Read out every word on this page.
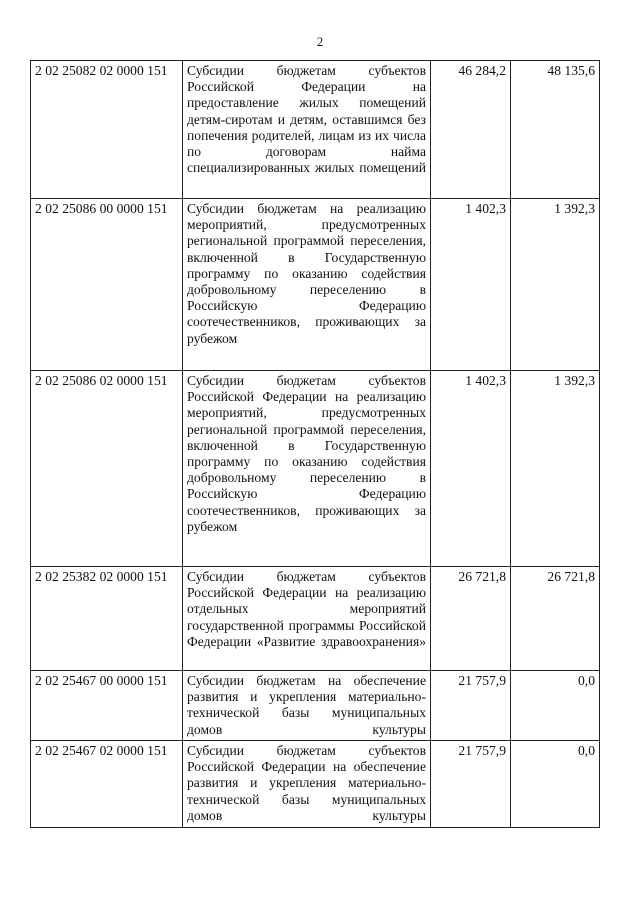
2
2 02 25082 02 0000 151	Субсидии бюджетам субъектов Российской Федерации на предоставление жилых помещений детям-сиротам и детям, оставшимся без попечения родителей, лицам из их числа по договорам найма специализированных жилых помещений	46 284,2	48 135,6
2 02 25086 00 0000 151	Субсидии бюджетам на реализацию мероприятий, предусмотренных региональной программой переселения, включенной в Государственную программу по оказанию содействия добровольному переселению в Российскую Федерацию соотечественников, проживающих за рубежом	1 402,3	1 392,3
2 02 25086 02 0000 151	Субсидии бюджетам субъектов Российской Федерации на реализацию мероприятий, предусмотренных региональной программой переселения, включенной в Государственную программу по оказанию содействия добровольному переселению в Российскую Федерацию соотечественников, проживающих за рубежом	1 402,3	1 392,3
2 02 25382 02 0000 151	Субсидии бюджетам субъектов Российской Федерации на реализацию отдельных мероприятий государственной программы Российской Федерации «Развитие здравоохранения»	26 721,8	26 721,8
2 02 25467 00 0000 151	Субсидии бюджетам на обеспечение развития и укрепления материально-технической базы муниципальных домов культуры	21 757,9	0,0
2 02 25467 02 0000 151	Субсидии бюджетам субъектов Российской Федерации на обеспечение развития и укрепления материально-технической базы муниципальных домов культуры	21 757,9	0,0
